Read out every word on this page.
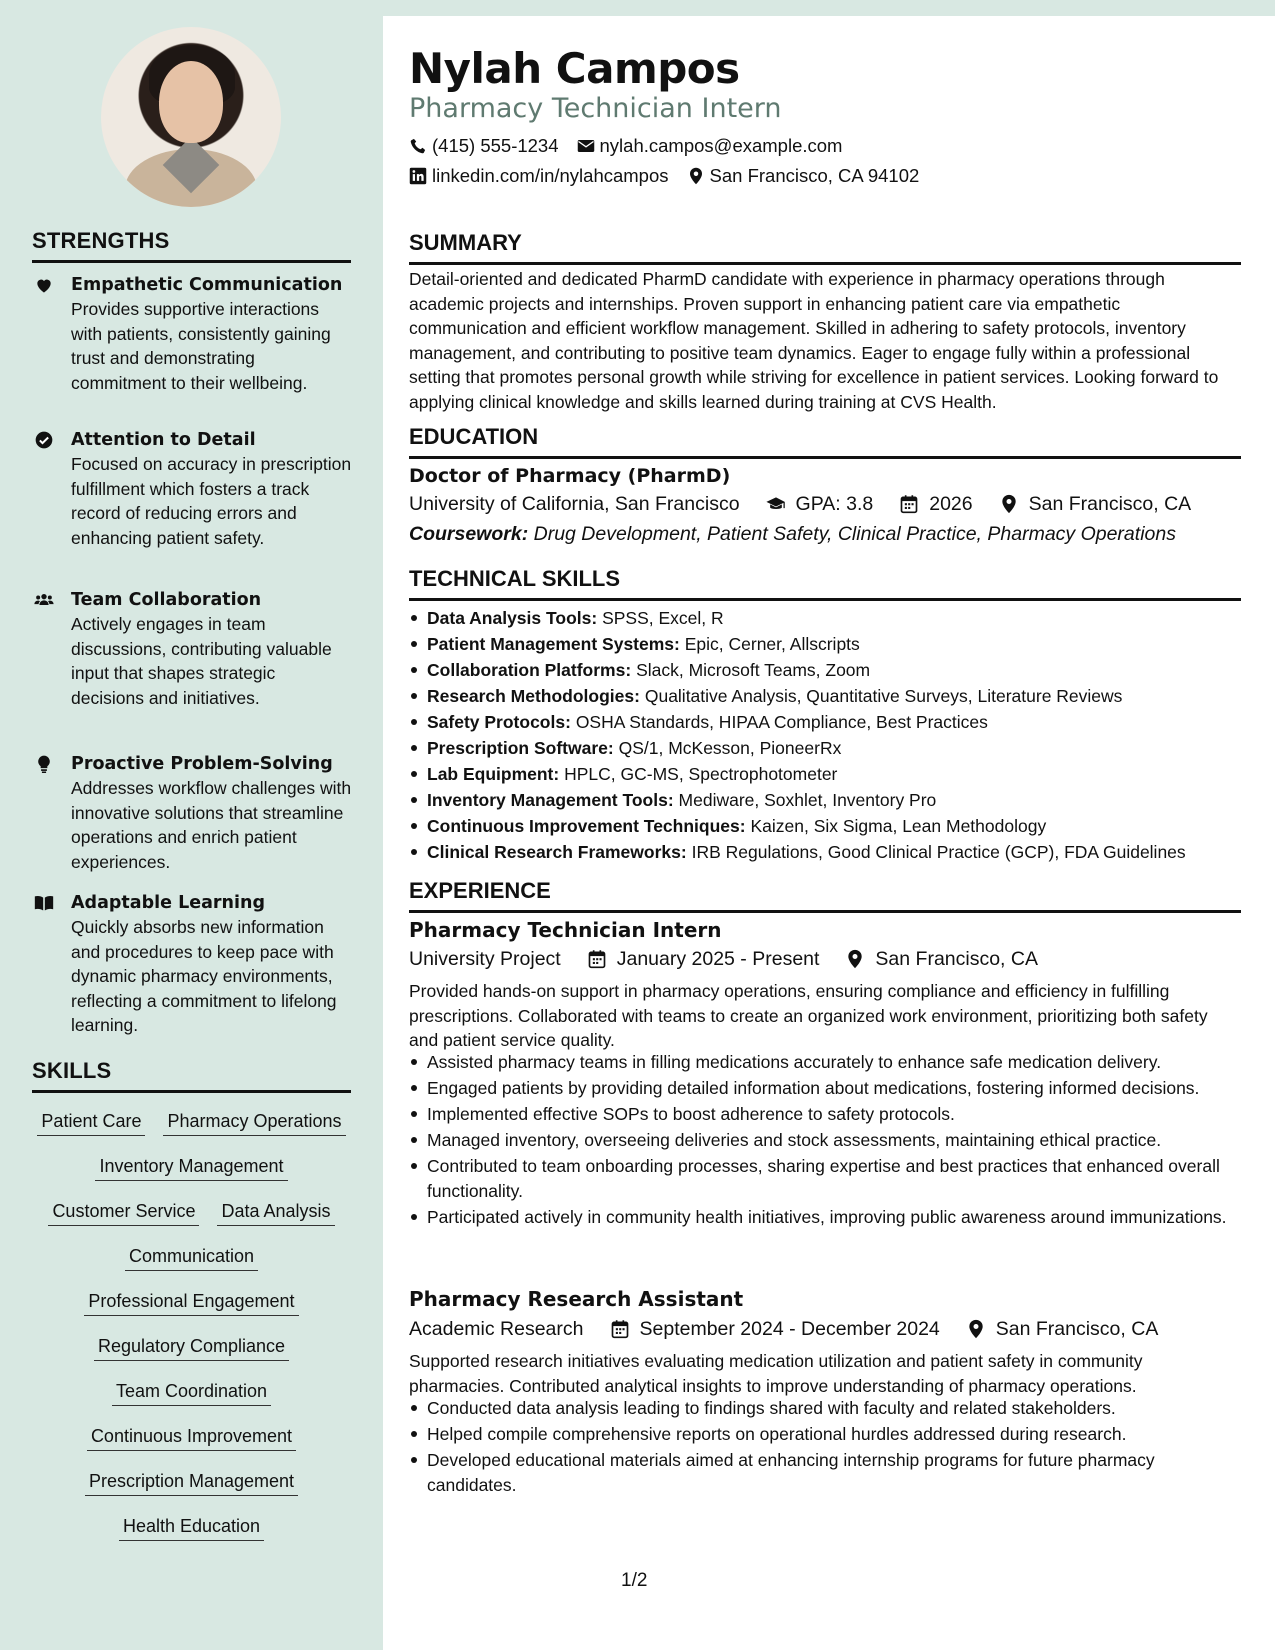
STRENGTHS
Empathetic Communication
Provides supportive interactions with patients, consistently gaining trust and demonstrating commitment to their wellbeing.
Attention to Detail
Focused on accuracy in prescription fulfillment which fosters a track record of reducing errors and enhancing patient safety.
Team Collaboration
Actively engages in team discussions, contributing valuable input that shapes strategic decisions and initiatives.
Proactive Problem-Solving
Addresses workflow challenges with innovative solutions that streamline operations and enrich patient experiences.
Adaptable Learning
Quickly absorbs new information and procedures to keep pace with dynamic pharmacy environments, reflecting a commitment to lifelong learning.
SKILLS
Patient Care Pharmacy Operations
Inventory Management
Customer Service Data Analysis
Communication
Professional Engagement
Regulatory Compliance
Team Coordination
Continuous Improvement
Prescription Management
Health Education
Nylah Campos
Pharmacy Technician Intern
(415) 555-1234 nylah.campos@example.com
linkedin.com/in/nylahcampos San Francisco, CA 94102
SUMMARY
Detail-oriented and dedicated PharmD candidate with experience in pharmacy operations through academic projects and internships. Proven support in enhancing patient care via empathetic communication and efficient workflow management. Skilled in adhering to safety protocols, inventory management, and contributing to positive team dynamics. Eager to engage fully within a professional setting that promotes personal growth while striving for excellence in patient services. Looking forward to applying clinical knowledge and skills learned during training at CVS Health.
EDUCATION
Doctor of Pharmacy (PharmD)
University of California, San Francisco	GPA: 3.8	2026	San Francisco, CA
Coursework: Drug Development, Patient Safety, Clinical Practice, Pharmacy Operations
TECHNICAL SKILLS
Data Analysis Tools: SPSS, Excel, R
Patient Management Systems: Epic, Cerner, Allscripts
Collaboration Platforms: Slack, Microsoft Teams, Zoom
Research Methodologies: Qualitative Analysis, Quantitative Surveys, Literature Reviews
Safety Protocols: OSHA Standards, HIPAA Compliance, Best Practices
Prescription Software: QS/1, McKesson, PioneerRx
Lab Equipment: HPLC, GC-MS, Spectrophotometer
Inventory Management Tools: Mediware, Soxhlet, Inventory Pro
Continuous Improvement Techniques: Kaizen, Six Sigma, Lean Methodology
Clinical Research Frameworks: IRB Regulations, Good Clinical Practice (GCP), FDA Guidelines
EXPERIENCE
Pharmacy Technician Intern
University Project	January 2025 - Present	San Francisco, CA
Provided hands-on support in pharmacy operations, ensuring compliance and efficiency in fulfilling prescriptions. Collaborated with teams to create an organized work environment, prioritizing both safety and patient service quality.
Assisted pharmacy teams in filling medications accurately to enhance safe medication delivery.
Engaged patients by providing detailed information about medications, fostering informed decisions.
Implemented effective SOPs to boost adherence to safety protocols.
Managed inventory, overseeing deliveries and stock assessments, maintaining ethical practice.
Contributed to team onboarding processes, sharing expertise and best practices that enhanced overall functionality.
Participated actively in community health initiatives, improving public awareness around immunizations.
Pharmacy Research Assistant
Academic Research	September 2024 - December 2024	San Francisco, CA
Supported research initiatives evaluating medication utilization and patient safety in community pharmacies. Contributed analytical insights to improve understanding of pharmacy operations.
Conducted data analysis leading to findings shared with faculty and related stakeholders.
Helped compile comprehensive reports on operational hurdles addressed during research.
Developed educational materials aimed at enhancing internship programs for future pharmacy candidates.
1/2
